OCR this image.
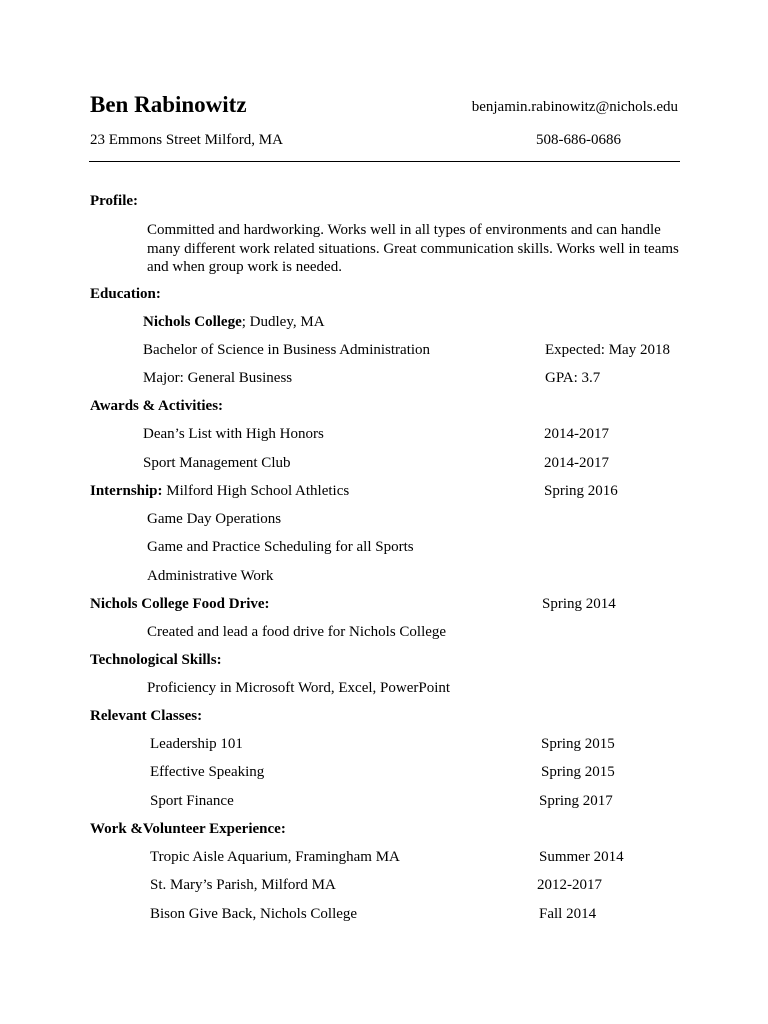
Ben Rabinowitz	benjamin.rabinowitz@nichols.edu
23 Emmons Street Milford, MA	508-686-0686
Profile:
Committed and hardworking. Works well in all types of environments and can handle many different work related situations. Great communication skills. Works well in teams and when group work is needed.
Education:
Nichols College; Dudley, MA
Bachelor of Science in Business Administration	Expected: May 2018
Major: General Business	GPA: 3.7
Awards & Activities:
Dean’s List with High Honors	2014-2017
Sport Management Club	2014-2017
Internship: Milford High School Athletics	Spring 2016
Game Day Operations
Game and Practice Scheduling for all Sports
Administrative Work
Nichols College Food Drive:	Spring 2014
Created and lead a food drive for Nichols College
Technological Skills:
Proficiency in Microsoft Word, Excel, PowerPoint
Relevant Classes:
Leadership 101	Spring 2015
Effective Speaking	Spring 2015
Sport Finance	Spring 2017
Work &Volunteer Experience:
Tropic Aisle Aquarium, Framingham MA	Summer 2014
St. Mary’s Parish, Milford MA	2012-2017
Bison Give Back, Nichols College	Fall 2014
